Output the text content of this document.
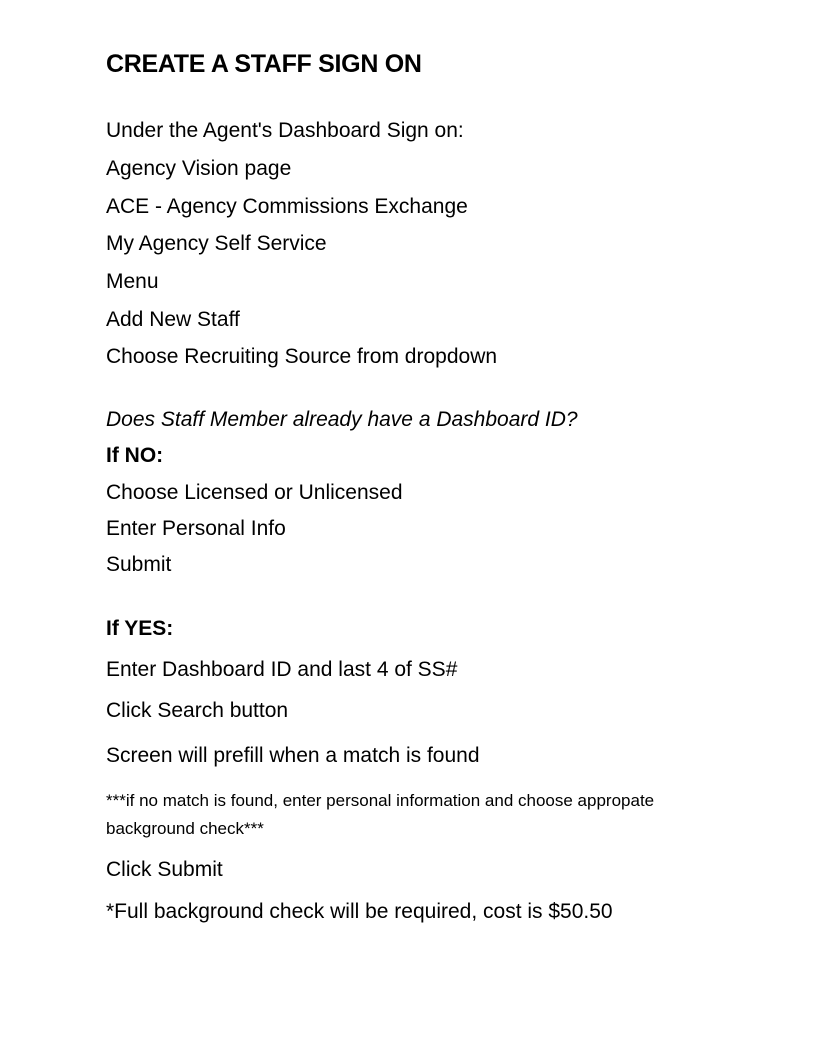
CREATE A STAFF SIGN ON
Under the Agent's Dashboard Sign on:
Agency Vision page
ACE - Agency Commissions Exchange
My Agency Self Service
Menu
Add New Staff
Choose Recruiting Source from dropdown
Does Staff Member already have a Dashboard ID?
If NO:
Choose Licensed or Unlicensed
Enter Personal Info
Submit
If YES:
Enter Dashboard ID and last 4 of SS#
Click Search button
Screen will prefill when a match is found
***if no match is found, enter personal information and choose appropate background check***
Click Submit
*Full background check will be required, cost is $50.50
